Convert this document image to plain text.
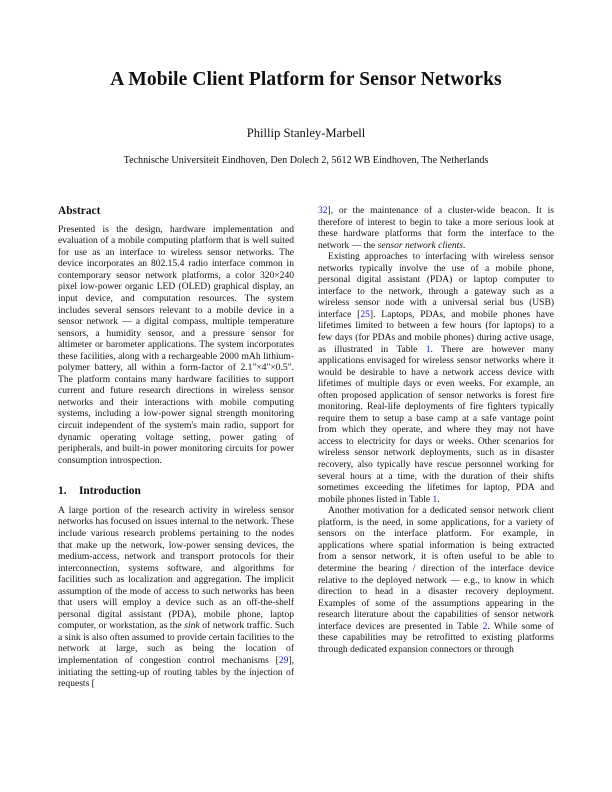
A Mobile Client Platform for Sensor Networks

Phillip Stanley-Marbell

Technische Universiteit Eindhoven, Den Dolech 2, 5612 WB Eindhoven, The Netherlands

Abstract

Presented is the design, hardware implementation and evaluation of a mobile computing platform that is well suited for use as an interface to wireless sensor networks. The device incorporates an 802.15.4 radio interface common in contemporary sensor network platforms, a color 320×240 pixel low-power organic LED (OLED) graphical display, an input device, and computation resources. The system includes several sensors relevant to a mobile device in a sensor network — a digital compass, multiple temperature sensors, a humidity sensor, and a pressure sensor for altimeter or barometer applications. The system incorporates these facilities, along with a rechargeable 2000 mAh lithium-polymer battery, all within a form-factor of 2.1"×4"×0.5". The platform contains many hardware facilities to support current and future research directions in wireless sensor networks and their interactions with mobile computing systems, including a low-power signal strength monitoring circuit independent of the system's main radio, support for dynamic operating voltage setting, power gating of peripherals, and built-in power monitoring circuits for power consumption introspection.

1.	Introduction

A large portion of the research activity in wireless sensor networks has focused on issues internal to the network. These include various research problems pertaining to the nodes that make up the network, low-power sensing devices, the medium-access, network and transport protocols for their interconnection, systems software, and algorithms for facilities such as localization and aggregation. The implicit assumption of the mode of access to such networks has been that users will employ a device such as an off-the-shelf personal digital assistant (PDA), mobile phone, laptop computer, or workstation, as the sink of network traffic. Such a sink is also often assumed to provide certain facilities to the network at large, such as being the location of implementation of congestion control mechanisms [29], initiating the setting-up of routing tables by the injection of requests [

32], or the maintenance of a cluster-wide beacon. It is therefore of interest to begin to take a more serious look at these hardware platforms that form the interface to the network — the sensor network clients.

Existing approaches to interfacing with wireless sensor networks typically involve the use of a mobile phone, personal digital assistant (PDA) or laptop computer to interface to the network, through a gateway such as a wireless sensor node with a universal serial bus (USB) interface [25]. Laptops, PDAs, and mobile phones have lifetimes limited to between a few hours (for laptops) to a few days (for PDAs and mobile phones) during active usage, as illustrated in Table 1. There are however many applications envisaged for wireless sensor networks where it would be desirable to have a network access device with lifetimes of multiple days or even weeks. For example, an often proposed application of sensor networks is forest fire monitoring. Real-life deployments of fire fighters typically require them to setup a base camp at a safe vantage point from which they operate, and where they may not have access to electricity for days or weeks. Other scenarios for wireless sensor network deployments, such as in disaster recovery, also typically have rescue personnel working for several hours at a time, with the duration of their shifts sometimes exceeding the lifetimes for laptop, PDA and mobile phones listed in Table 1.

Another motivation for a dedicated sensor network client platform, is the need, in some applications, for a variety of sensors on the interface platform. For example, in applications where spatial information is being extracted from a sensor network, it is often useful to be able to determine the bearing / direction of the interface device relative to the deployed network — e.g., to know in which direction to head in a disaster recovery deployment. Examples of some of the assumptions appearing in the research literature about the capabilities of sensor network interface devices are presented in Table 2. While some of these capabilities may be retrofitted to existing platforms through dedicated expansion connectors or through
